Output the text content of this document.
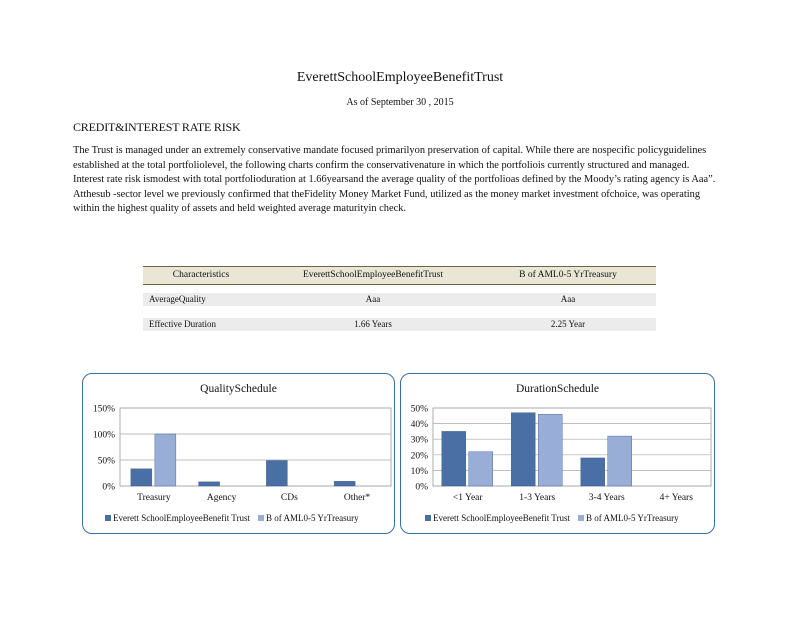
EverettSchoolEmployeeBenefitTrust
As of September 30 , 2015
CREDIT&INTEREST RATE RISK
The Trust is managed under an extremely conservative mandate focused primarilyon preservation of capital. While there are nospecific policyguidelines established at the total portfoliolevel, the following charts confirm the conservativenature in which the portfoliois currently structured and managed. Interest rate risk ismodest with total portfolioduration at 1.66yearsand the average quality of the portfolioas defined by the Moody’s rating agency is Aaa”. Atthesub -sector level we previously confirmed that theFidelity Money Market Fund, utilized as the money market investment ofchoice, was operating within the highest quality of assets and held weighted average maturityin check.
Characteristics	EverettSchoolEmployeeBenefitTrust	B of AML0-5 YrTreasury
AverageQuality	Aaa	Aaa
Effective Duration	1.66 Years	2.25 Year
QualitySchedule
0%
50%
100%
150%
Treasury	Agency	CDs	Other*
Everett SchoolEmployeeBenefit Trust B of AML0-5 YrTreasury
DurationSchedule
0%
10%
20%
30%
40%
50%
<1 Year	1-3 Years	3-4 Years	4+ Years
Everett SchoolEmployeeBenefit Trust B of AML0-5 YrTreasury
